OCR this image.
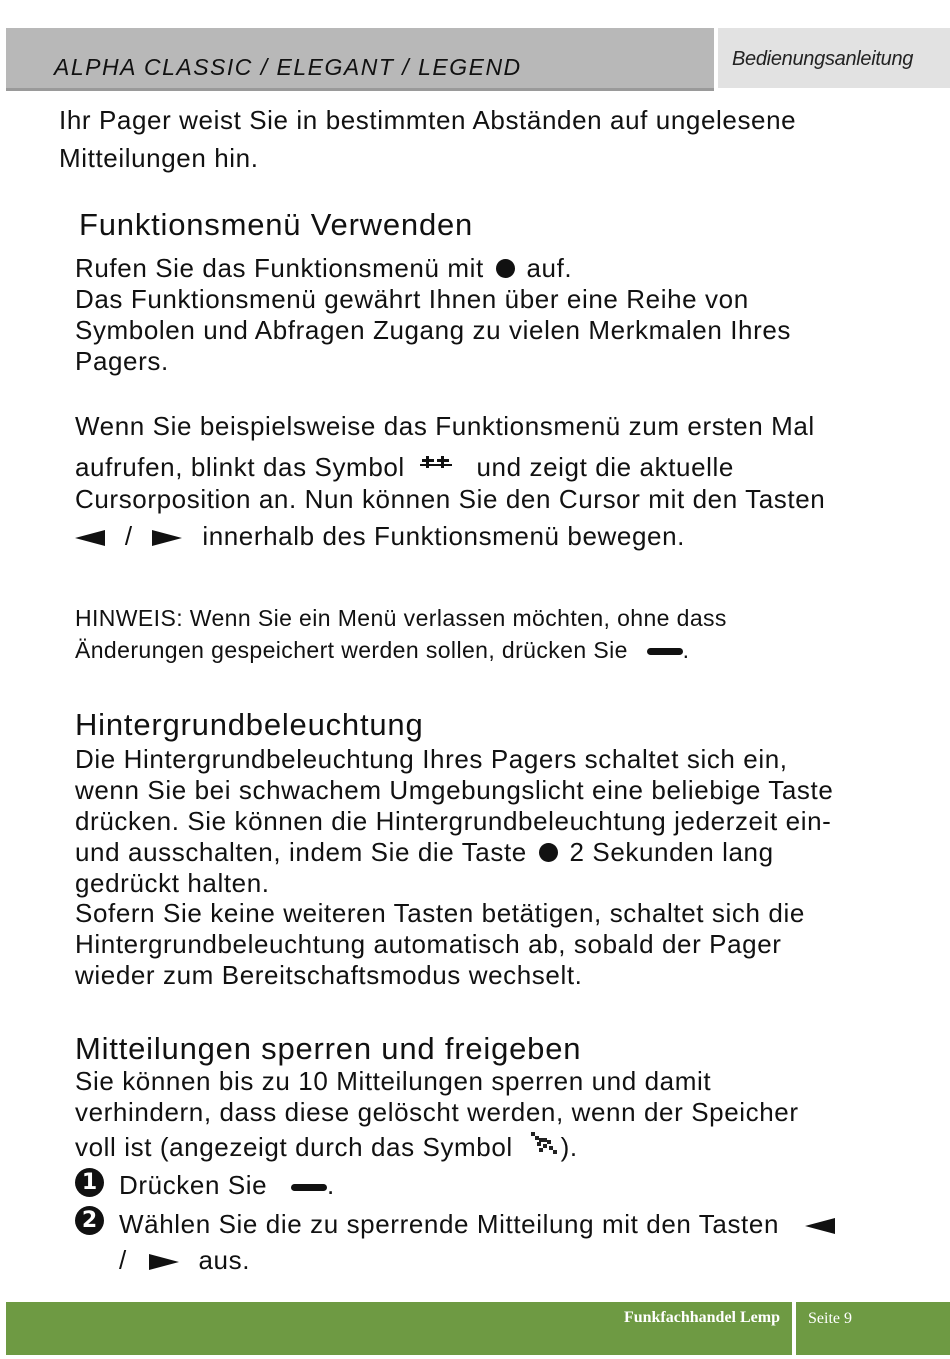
ALPHA CLASSIC / ELEGANT / LEGEND	Bedienungsanleitung

Ihr Pager weist Sie in bestimmten Abständen auf ungelesene

Mitteilungen hin.

Funktionsmenü Verwenden

Rufen Sie das Funktionsmenü mit auf.

Das Funktionsmenü gewährt Ihnen über eine Reihe von

Symbolen und Abfragen Zugang zu vielen Merkmalen Ihres

Pagers.

Wenn Sie beispielsweise das Funktionsmenü zum ersten Mal

aufrufen, blinkt das Symbol	und zeigt die aktuelle

Cursorposition an. Nun können Sie den Cursor mit den Tasten

/	innerhalb des Funktionsmenü bewegen.

HINWEIS: Wenn Sie ein Menü verlassen möchten, ohne dass

Änderungen gespeichert werden sollen, drücken Sie .

Hintergrundbeleuchtung

Die Hintergrundbeleuchtung Ihres Pagers schaltet sich ein,

wenn Sie bei schwachem Umgebungslicht eine beliebige Taste

drücken. Sie können die Hintergrundbeleuchtung jederzeit ein-

und ausschalten, indem Sie die Taste 2 Sekunden lang

gedrückt halten.

Sofern Sie keine weiteren Tasten betätigen, schaltet sich die

Hintergrundbeleuchtung automatisch ab, sobald der Pager

wieder zum Bereitschaftsmodus wechselt.

Mitteilungen sperren und freigeben

Sie können bis zu 10 Mitteilungen sperren und damit

verhindern, dass diese gelöscht werden, wenn der Speicher

voll ist (angezeigt durch das Symbol ).

1 Drücken Sie .

2 Wählen Sie die zu sperrende Mitteilung mit den Tasten

/	aus.

Funkfachhandel Lemp Seite 9
